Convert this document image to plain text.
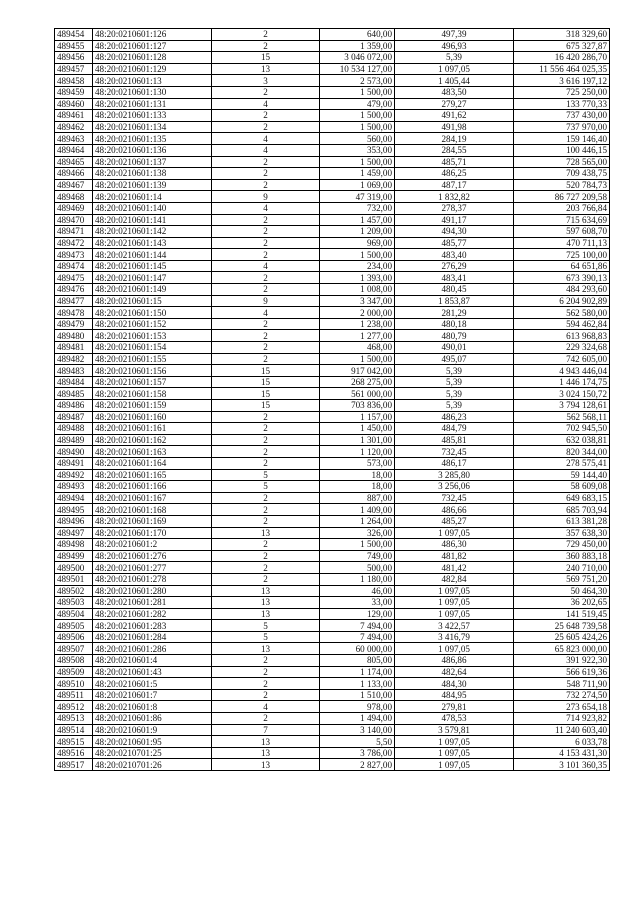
489454	48:20:0210601:126	2	640,00	497,39	318 329,60
489455	48:20:0210601:127	2	1 359,00	496,93	675 327,87
489456	48:20:0210601:128	15	3 046 072,00	5,39	16 420 286,70
489457	48:20:0210601:129	13	10 534 127,00	1 097,05	11 556 464 025,35
489458	48:20:0210601:13	3	2 573,00	1 405,44	3 616 197,12
489459	48:20:0210601:130	2	1 500,00	483,50	725 250,00
489460	48:20:0210601:131	4	479,00	279,27	133 770,33
489461	48:20:0210601:133	2	1 500,00	491,62	737 430,00
489462	48:20:0210601:134	2	1 500,00	491,98	737 970,00
489463	48:20:0210601:135	4	560,00	284,19	159 146,40
489464	48:20:0210601:136	4	353,00	284,55	100 446,15
489465	48:20:0210601:137	2	1 500,00	485,71	728 565,00
489466	48:20:0210601:138	2	1 459,00	486,25	709 438,75
489467	48:20:0210601:139	2	1 069,00	487,17	520 784,73
489468	48:20:0210601:14	9	47 319,00	1 832,82	86 727 209,58
489469	48:20:0210601:140	4	732,00	278,37	203 766,84
489470	48:20:0210601:141	2	1 457,00	491,17	715 634,69
489471	48:20:0210601:142	2	1 209,00	494,30	597 608,70
489472	48:20:0210601:143	2	969,00	485,77	470 711,13
489473	48:20:0210601:144	2	1 500,00	483,40	725 100,00
489474	48:20:0210601:145	4	234,00	276,29	64 651,86
489475	48:20:0210601:147	2	1 393,00	483,41	673 390,13
489476	48:20:0210601:149	2	1 008,00	480,45	484 293,60
489477	48:20:0210601:15	9	3 347,00	1 853,87	6 204 902,89
489478	48:20:0210601:150	4	2 000,00	281,29	562 580,00
489479	48:20:0210601:152	2	1 238,00	480,18	594 462,84
489480	48:20:0210601:153	2	1 277,00	480,79	613 968,83
489481	48:20:0210601:154	2	468,00	490,01	229 324,68
489482	48:20:0210601:155	2	1 500,00	495,07	742 605,00
489483	48:20:0210601:156	15	917 042,00	5,39	4 943 446,04
489484	48:20:0210601:157	15	268 275,00	5,39	1 446 174,75
489485	48:20:0210601:158	15	561 000,00	5,39	3 024 150,72
489486	48:20:0210601:159	15	703 836,00	5,39	3 794 128,61
489487	48:20:0210601:160	2	1 157,00	486,23	562 568,11
489488	48:20:0210601:161	2	1 450,00	484,79	702 945,50
489489	48:20:0210601:162	2	1 301,00	485,81	632 038,81
489490	48:20:0210601:163	2	1 120,00	732,45	820 344,00
489491	48:20:0210601:164	2	573,00	486,17	278 575,41
489492	48:20:0210601:165	5	18,00	3 285,80	59 144,40
489493	48:20:0210601:166	5	18,00	3 256,06	58 609,08
489494	48:20:0210601:167	2	887,00	732,45	649 683,15
489495	48:20:0210601:168	2	1 409,00	486,66	685 703,94
489496	48:20:0210601:169	2	1 264,00	485,27	613 381,28
489497	48:20:0210601:170	13	326,00	1 097,05	357 638,30
489498	48:20:0210601:2	2	1 500,00	486,30	729 450,00
489499	48:20:0210601:276	2	749,00	481,82	360 883,18
489500	48:20:0210601:277	2	500,00	481,42	240 710,00
489501	48:20:0210601:278	2	1 180,00	482,84	569 751,20
489502	48:20:0210601:280	13	46,00	1 097,05	50 464,30
489503	48:20:0210601:281	13	33,00	1 097,05	36 202,65
489504	48:20:0210601:282	13	129,00	1 097,05	141 519,45
489505	48:20:0210601:283	5	7 494,00	3 422,57	25 648 739,58
489506	48:20:0210601:284	5	7 494,00	3 416,79	25 605 424,26
489507	48:20:0210601:286	13	60 000,00	1 097,05	65 823 000,00
489508	48:20:0210601:4	2	805,00	486,86	391 922,30
489509	48:20:0210601:43	2	1 174,00	482,64	566 619,36
489510	48:20:0210601:5	2	1 133,00	484,30	548 711,90
489511	48:20:0210601:7	2	1 510,00	484,95	732 274,50
489512	48:20:0210601:8	4	978,00	279,81	273 654,18
489513	48:20:0210601:86	2	1 494,00	478,53	714 923,82
489514	48:20:0210601:9	7	3 140,00	3 579,81	11 240 603,40
489515	48:20:0210601:95	13	5,50	1 097,05	6 033,78
489516	48:20:0210701:25	13	3 786,00	1 097,05	4 153 431,30
489517	48:20:0210701:26	13	2 827,00	1 097,05	3 101 360,35
